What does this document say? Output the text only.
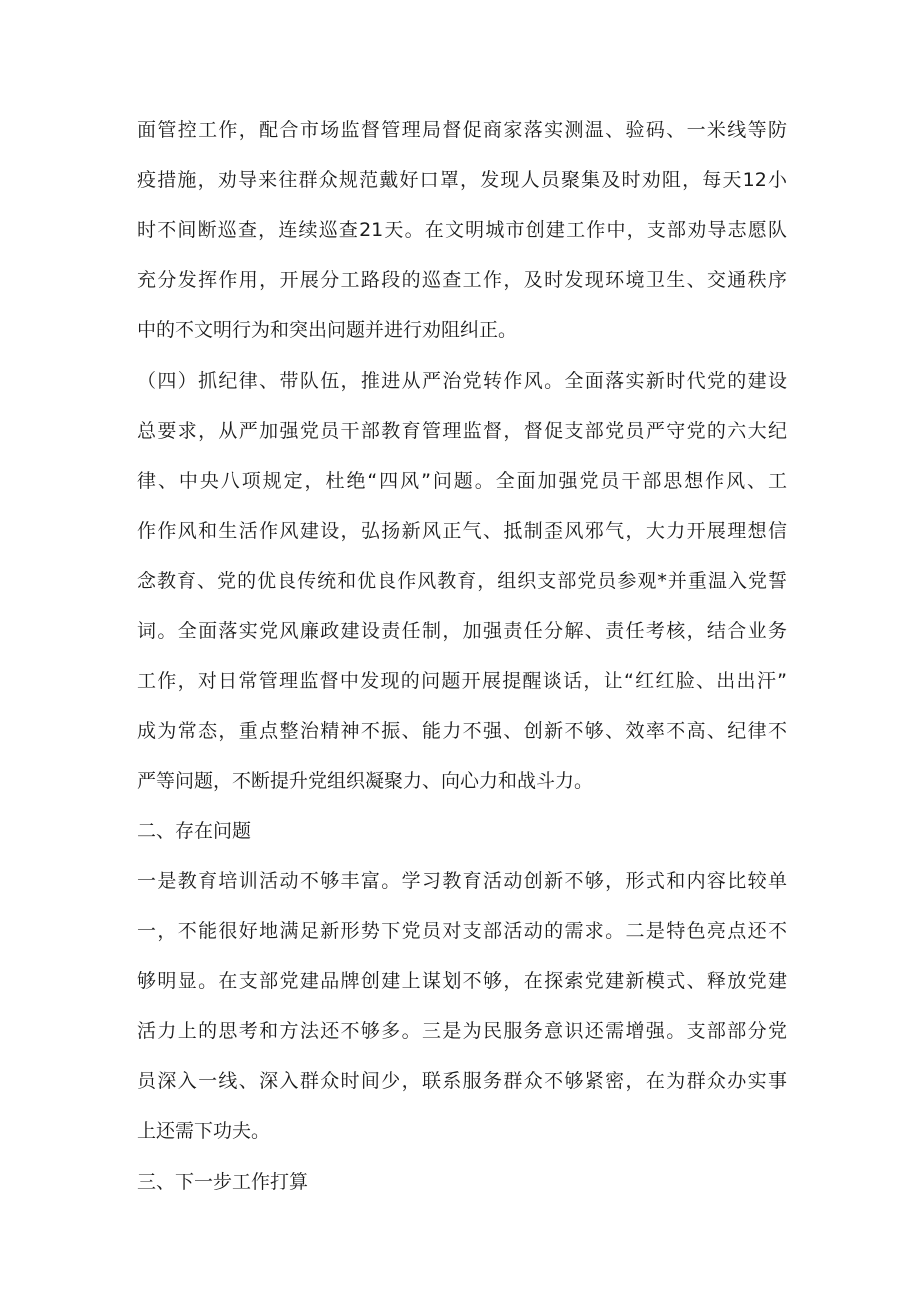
面管控工作，配合市场监督管理局督促商家落实测温、验码、一米线等防
疫措施，劝导来往群众规范戴好口罩，发现人员聚集及时劝阻，每天12小
时不间断巡查，连续巡查21天。在文明城市创建工作中，支部劝导志愿队
充分发挥作用，开展分工路段的巡查工作，及时发现环境卫生、交通秩序
中的不文明行为和突出问题并进行劝阻纠正。
（四）抓纪律、带队伍，推进从严治党转作风。全面落实新时代党的建设
总要求，从严加强党员干部教育管理监督，督促支部党员严守党的六大纪
律、中央八项规定，杜绝“四风”问题。全面加强党员干部思想作风、工
作作风和生活作风建设，弘扬新风正气、抵制歪风邪气，大力开展理想信
念教育、党的优良传统和优良作风教育，组织支部党员参观*并重温入党誓
词。全面落实党风廉政建设责任制，加强责任分解、责任考核，结合业务
工作，对日常管理监督中发现的问题开展提醒谈话，让“红红脸、出出汗”
成为常态，重点整治精神不振、能力不强、创新不够、效率不高、纪律不
严等问题，不断提升党组织凝聚力、向心力和战斗力。
二、存在问题
一是教育培训活动不够丰富。学习教育活动创新不够，形式和内容比较单
一，不能很好地满足新形势下党员对支部活动的需求。二是特色亮点还不
够明显。在支部党建品牌创建上谋划不够，在探索党建新模式、释放党建
活力上的思考和方法还不够多。三是为民服务意识还需增强。支部部分党
员深入一线、深入群众时间少，联系服务群众不够紧密，在为群众办实事
上还需下功夫。
三、下一步工作打算
